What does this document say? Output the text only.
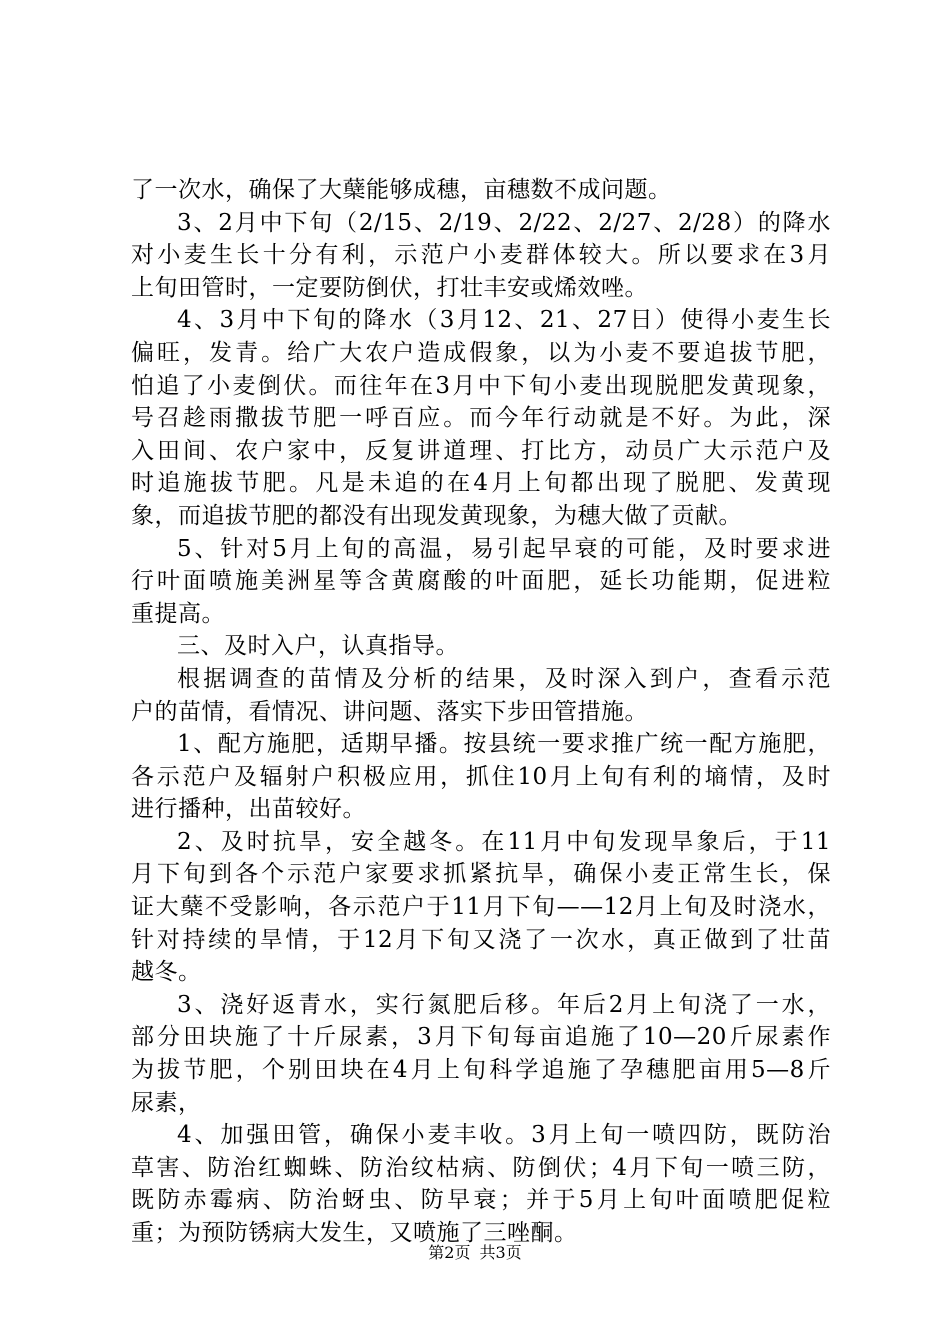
了一次水，确保了大蘖能够成穗，亩穗数不成问题。
3、2月中下旬（2/15、2/19、2/22、2/27、2/28）的降水
对小麦生长十分有利，示范户小麦群体较大。所以要求在3月
上旬田管时，一定要防倒伏，打壮丰安或烯效唑。
4、3月中下旬的降水（3月12、21、27日）使得小麦生长
偏旺，发青。给广大农户造成假象，以为小麦不要追拔节肥，
怕追了小麦倒伏。而往年在3月中下旬小麦出现脱肥发黄现象，
号召趁雨撒拔节肥一呼百应。而今年行动就是不好。为此，深
入田间、农户家中，反复讲道理、打比方，动员广大示范户及
时追施拔节肥。凡是未追的在4月上旬都出现了脱肥、发黄现
象，而追拔节肥的都没有出现发黄现象，为穗大做了贡献。
5、针对5月上旬的高温，易引起早衰的可能，及时要求进
行叶面喷施美洲星等含黄腐酸的叶面肥，延长功能期，促进粒
重提高。
三、及时入户，认真指导。
根据调查的苗情及分析的结果，及时深入到户，查看示范
户的苗情，看情况、讲问题、落实下步田管措施。
1、配方施肥，适期早播。按县统一要求推广统一配方施肥，
各示范户及辐射户积极应用，抓住10月上旬有利的墒情，及时
进行播种，出苗较好。
2、及时抗旱，安全越冬。在11月中旬发现旱象后，于11
月下旬到各个示范户家要求抓紧抗旱，确保小麦正常生长，保
证大蘖不受影响，各示范户于11月下旬——12月上旬及时浇水，
针对持续的旱情，于12月下旬又浇了一次水，真正做到了壮苗
越冬。
3、浇好返青水，实行氮肥后移。年后2月上旬浇了一水，
部分田块施了十斤尿素，3月下旬每亩追施了10—20斤尿素作
为拔节肥，个别田块在4月上旬科学追施了孕穗肥亩用5—8斤
尿素，
4、加强田管，确保小麦丰收。3月上旬一喷四防，既防治
草害、防治红蜘蛛、防治纹枯病、防倒伏；4月下旬一喷三防，
既防赤霉病、防治蚜虫、防早衰；并于5月上旬叶面喷肥促粒
重；为预防锈病大发生，又喷施了三唑酮。
第2页 共3页
